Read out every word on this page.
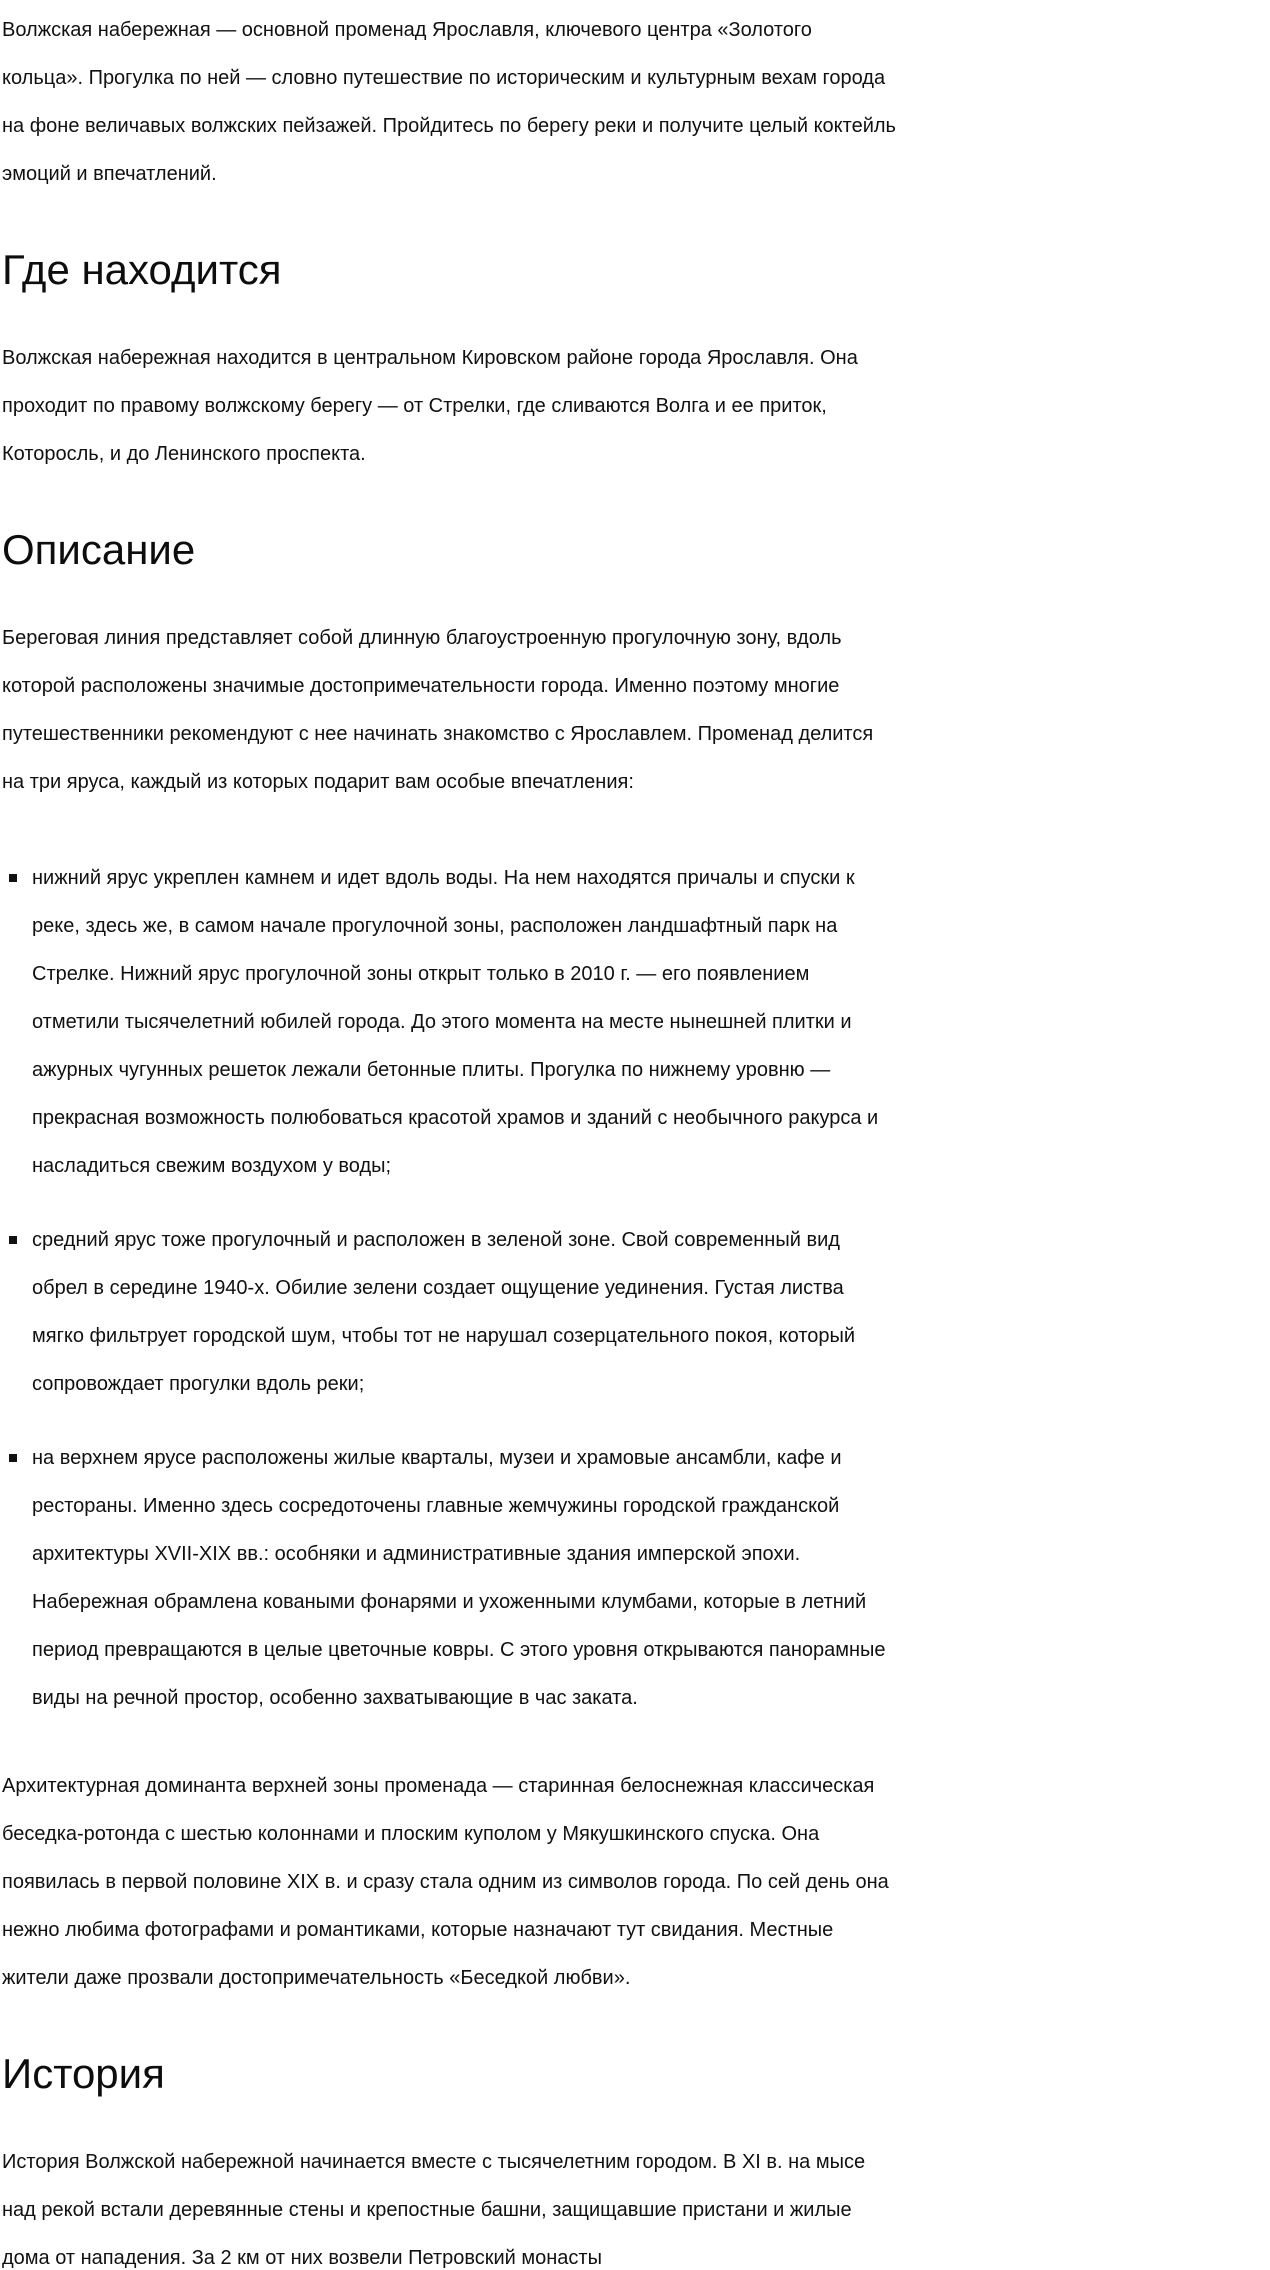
Волжская набережная — основной променад Ярославля, ключевого центра «Золотого кольца». Прогулка по ней — словно путешествие по историческим и культурным вехам города на фоне величавых волжских пейзажей. Пройдитесь по берегу реки и получите целый коктейль эмоций и впечатлений.

Где находится

Волжская набережная находится в центральном Кировском районе города Ярославля. Она проходит по правому волжскому берегу — от Стрелки, где сливаются Волга и ее приток, Которосль, и до Ленинского проспекта.

Описание

Береговая линия представляет собой длинную благоустроенную прогулочную зону, вдоль которой расположены значимые достопримечательности города. Именно поэтому многие путешественники рекомендуют с нее начинать знакомство с Ярославлем. Променад делится на три яруса, каждый из которых подарит вам особые впечатления:

нижний ярус укреплен камнем и идет вдоль воды. На нем находятся причалы и спуски к реке, здесь же, в самом начале прогулочной зоны, расположен ландшафтный парк на Стрелке. Нижний ярус прогулочной зоны открыт только в 2010 г. — его появлением отметили тысячелетний юбилей города. До этого момента на месте нынешней плитки и ажурных чугунных решеток лежали бетонные плиты. Прогулка по нижнему уровню — прекрасная возможность полюбоваться красотой храмов и зданий с необычного ракурса и насладиться свежим воздухом у воды;
средний ярус тоже прогулочный и расположен в зеленой зоне. Свой современный вид обрел в середине 1940-х. Обилие зелени создает ощущение уединения. Густая листва мягко фильтрует городской шум, чтобы тот не нарушал созерцательного покоя, который сопровождает прогулки вдоль реки;
на верхнем ярусе расположены жилые кварталы, музеи и храмовые ансамбли, кафе и рестораны. Именно здесь сосредоточены главные жемчужины городской гражданской архитектуры XVII-XIX вв.: особняки и административные здания имперской эпохи. Набережная обрамлена коваными фонарями и ухоженными клумбами, которые в летний период превращаются в целые цветочные ковры. С этого уровня открываются панорамные виды на речной простор, особенно захватывающие в час заката.

Архитектурная доминанта верхней зоны променада — старинная белоснежная классическая беседка-ротонда с шестью колоннами и плоским куполом у Мякушкинского спуска. Она появилась в первой половине XIX в. и сразу стала одним из символов города. По сей день она нежно любима фотографами и романтиками, которые назначают тут свидания. Местные жители даже прозвали достопримечательность «Беседкой любви».

История

История Волжской набережной начинается вместе с тысячелетним городом. В XI в. на мысе над рекой встали деревянные стены и крепостные башни, защищавшие пристани и жилые дома от нападения. За 2 км от них возвели Петровский монасты
